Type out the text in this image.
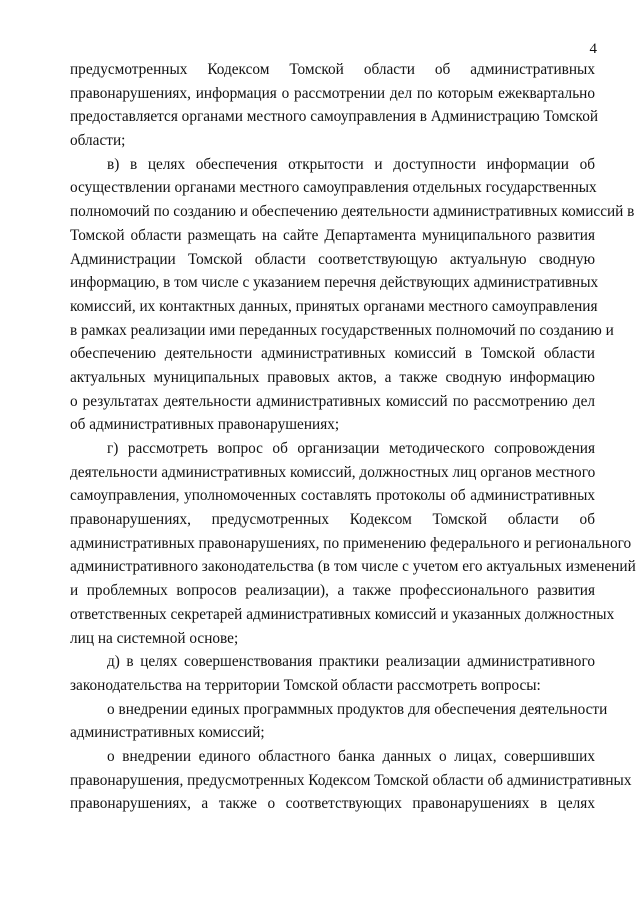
4
предусмотренных Кодексом Томской области об административных
правонарушениях, информация о рассмотрении дел по которым ежеквартально
предоставляется органами местного самоуправления в Администрацию Томской
области;
в) в целях обеспечения открытости и доступности информации об
осуществлении органами местного самоуправления отдельных государственных
полномочий по созданию и обеспечению деятельности административных комиссий в
Томской области размещать на сайте Департамента муниципального развития
Администрации Томской области соответствующую актуальную сводную
информацию, в том числе с указанием перечня действующих административных
комиссий, их контактных данных, принятых органами местного самоуправления
в рамках реализации ими переданных государственных полномочий по созданию и
обеспечению деятельности административных комиссий в Томской области
актуальных муниципальных правовых актов, а также сводную информацию
о результатах деятельности административных комиссий по рассмотрению дел
об административных правонарушениях;
г) рассмотреть вопрос об организации методического сопровождения
деятельности административных комиссий, должностных лиц органов местного
самоуправления, уполномоченных составлять протоколы об административных
правонарушениях, предусмотренных Кодексом Томской области об
административных правонарушениях, по применению федерального и регионального
административного законодательства (в том числе с учетом его актуальных изменений
и проблемных вопросов реализации), а также профессионального развития
ответственных секретарей административных комиссий и указанных должностных
лиц на системной основе;
д) в целях совершенствования практики реализации административного
законодательства на территории Томской области рассмотреть вопросы:
о внедрении единых программных продуктов для обеспечения деятельности
административных комиссий;
о внедрении единого областного банка данных о лицах, совершивших
правонарушения, предусмотренных Кодексом Томской области об административных
правонарушениях, а также о соответствующих правонарушениях в целях
